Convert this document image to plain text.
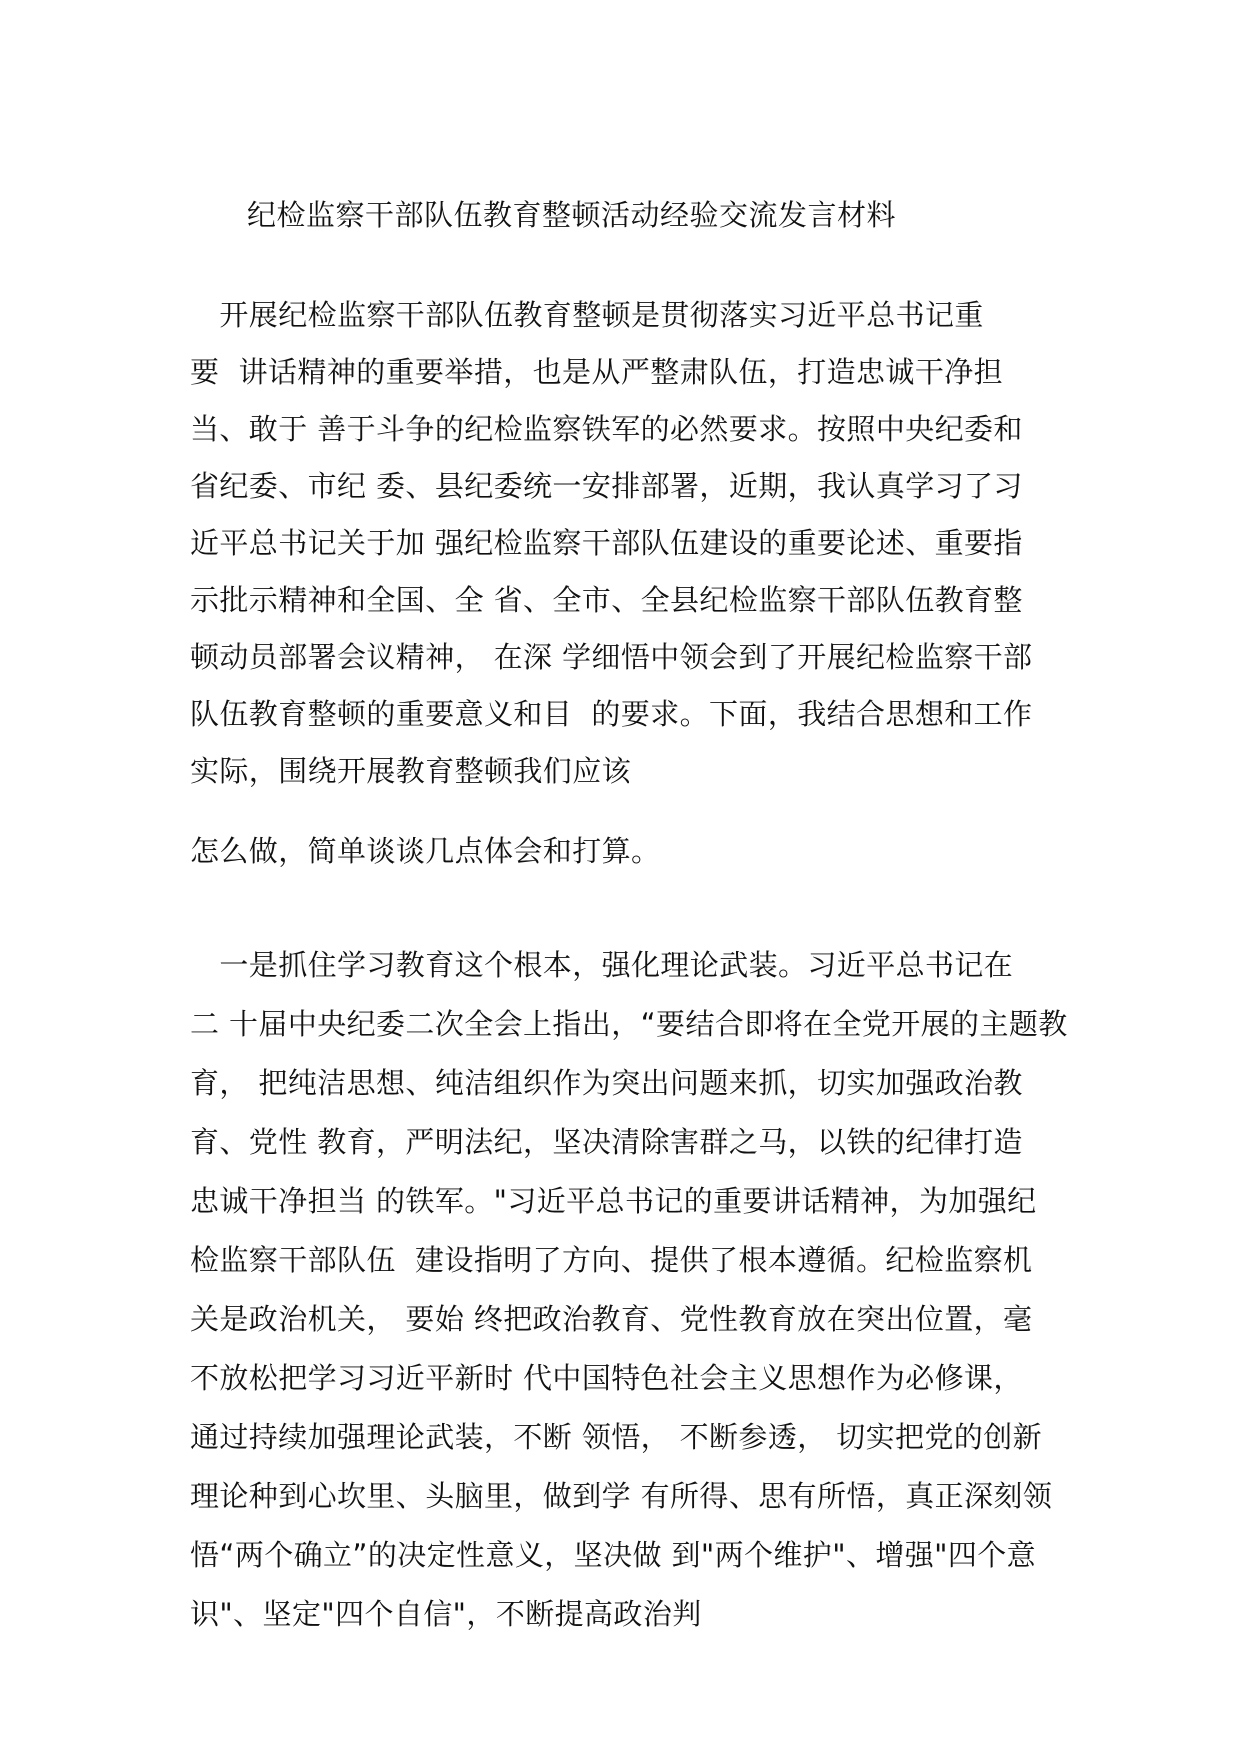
纪检监察干部队伍教育整顿活动经验交流发言材料
　开展纪检监察干部队伍教育整顿是贯彻落实习近平总书记重
要  讲话精神的重要举措，也是从严整肃队伍，打造忠诚干净担
当、敢于 善于斗争的纪检监察铁军的必然要求。按照中央纪委和
省纪委、市纪 委、县纪委统一安排部署，近期，我认真学习了习
近平总书记关于加 强纪检监察干部队伍建设的重要论述、重要指
示批示精神和全国、全 省、全市、全县纪检监察干部队伍教育整
顿动员部署会议精神， 在深 学细悟中领会到了开展纪检监察干部
队伍教育整顿的重要意义和目  的要求。下面，我结合思想和工作
实际，围绕开展教育整顿我们应该
怎么做，简单谈谈几点体会和打算。
　一是抓住学习教育这个根本，强化理论武装。习近平总书记在
二 十届中央纪委二次全会上指出，“要结合即将在全党开展的主题教
育， 把纯洁思想、纯洁组织作为突出问题来抓，切实加强政治教
育、党性 教育，严明法纪，坚决清除害群之马，以铁的纪律打造
忠诚干净担当 的铁军。"习近平总书记的重要讲话精神，为加强纪
检监察干部队伍  建设指明了方向、提供了根本遵循。纪检监察机
关是政治机关， 要始 终把政治教育、党性教育放在突出位置，毫
不放松把学习习近平新时 代中国特色社会主义思想作为必修课，
通过持续加强理论武装，不断 领悟， 不断参透， 切实把党的创新
理论种到心坎里、头脑里，做到学 有所得、思有所悟，真正深刻领
悟“两个确立”的决定性意义，坚决做 到"两个维护"、增强"四个意
识"、坚定"四个自信"，不断提高政治判
